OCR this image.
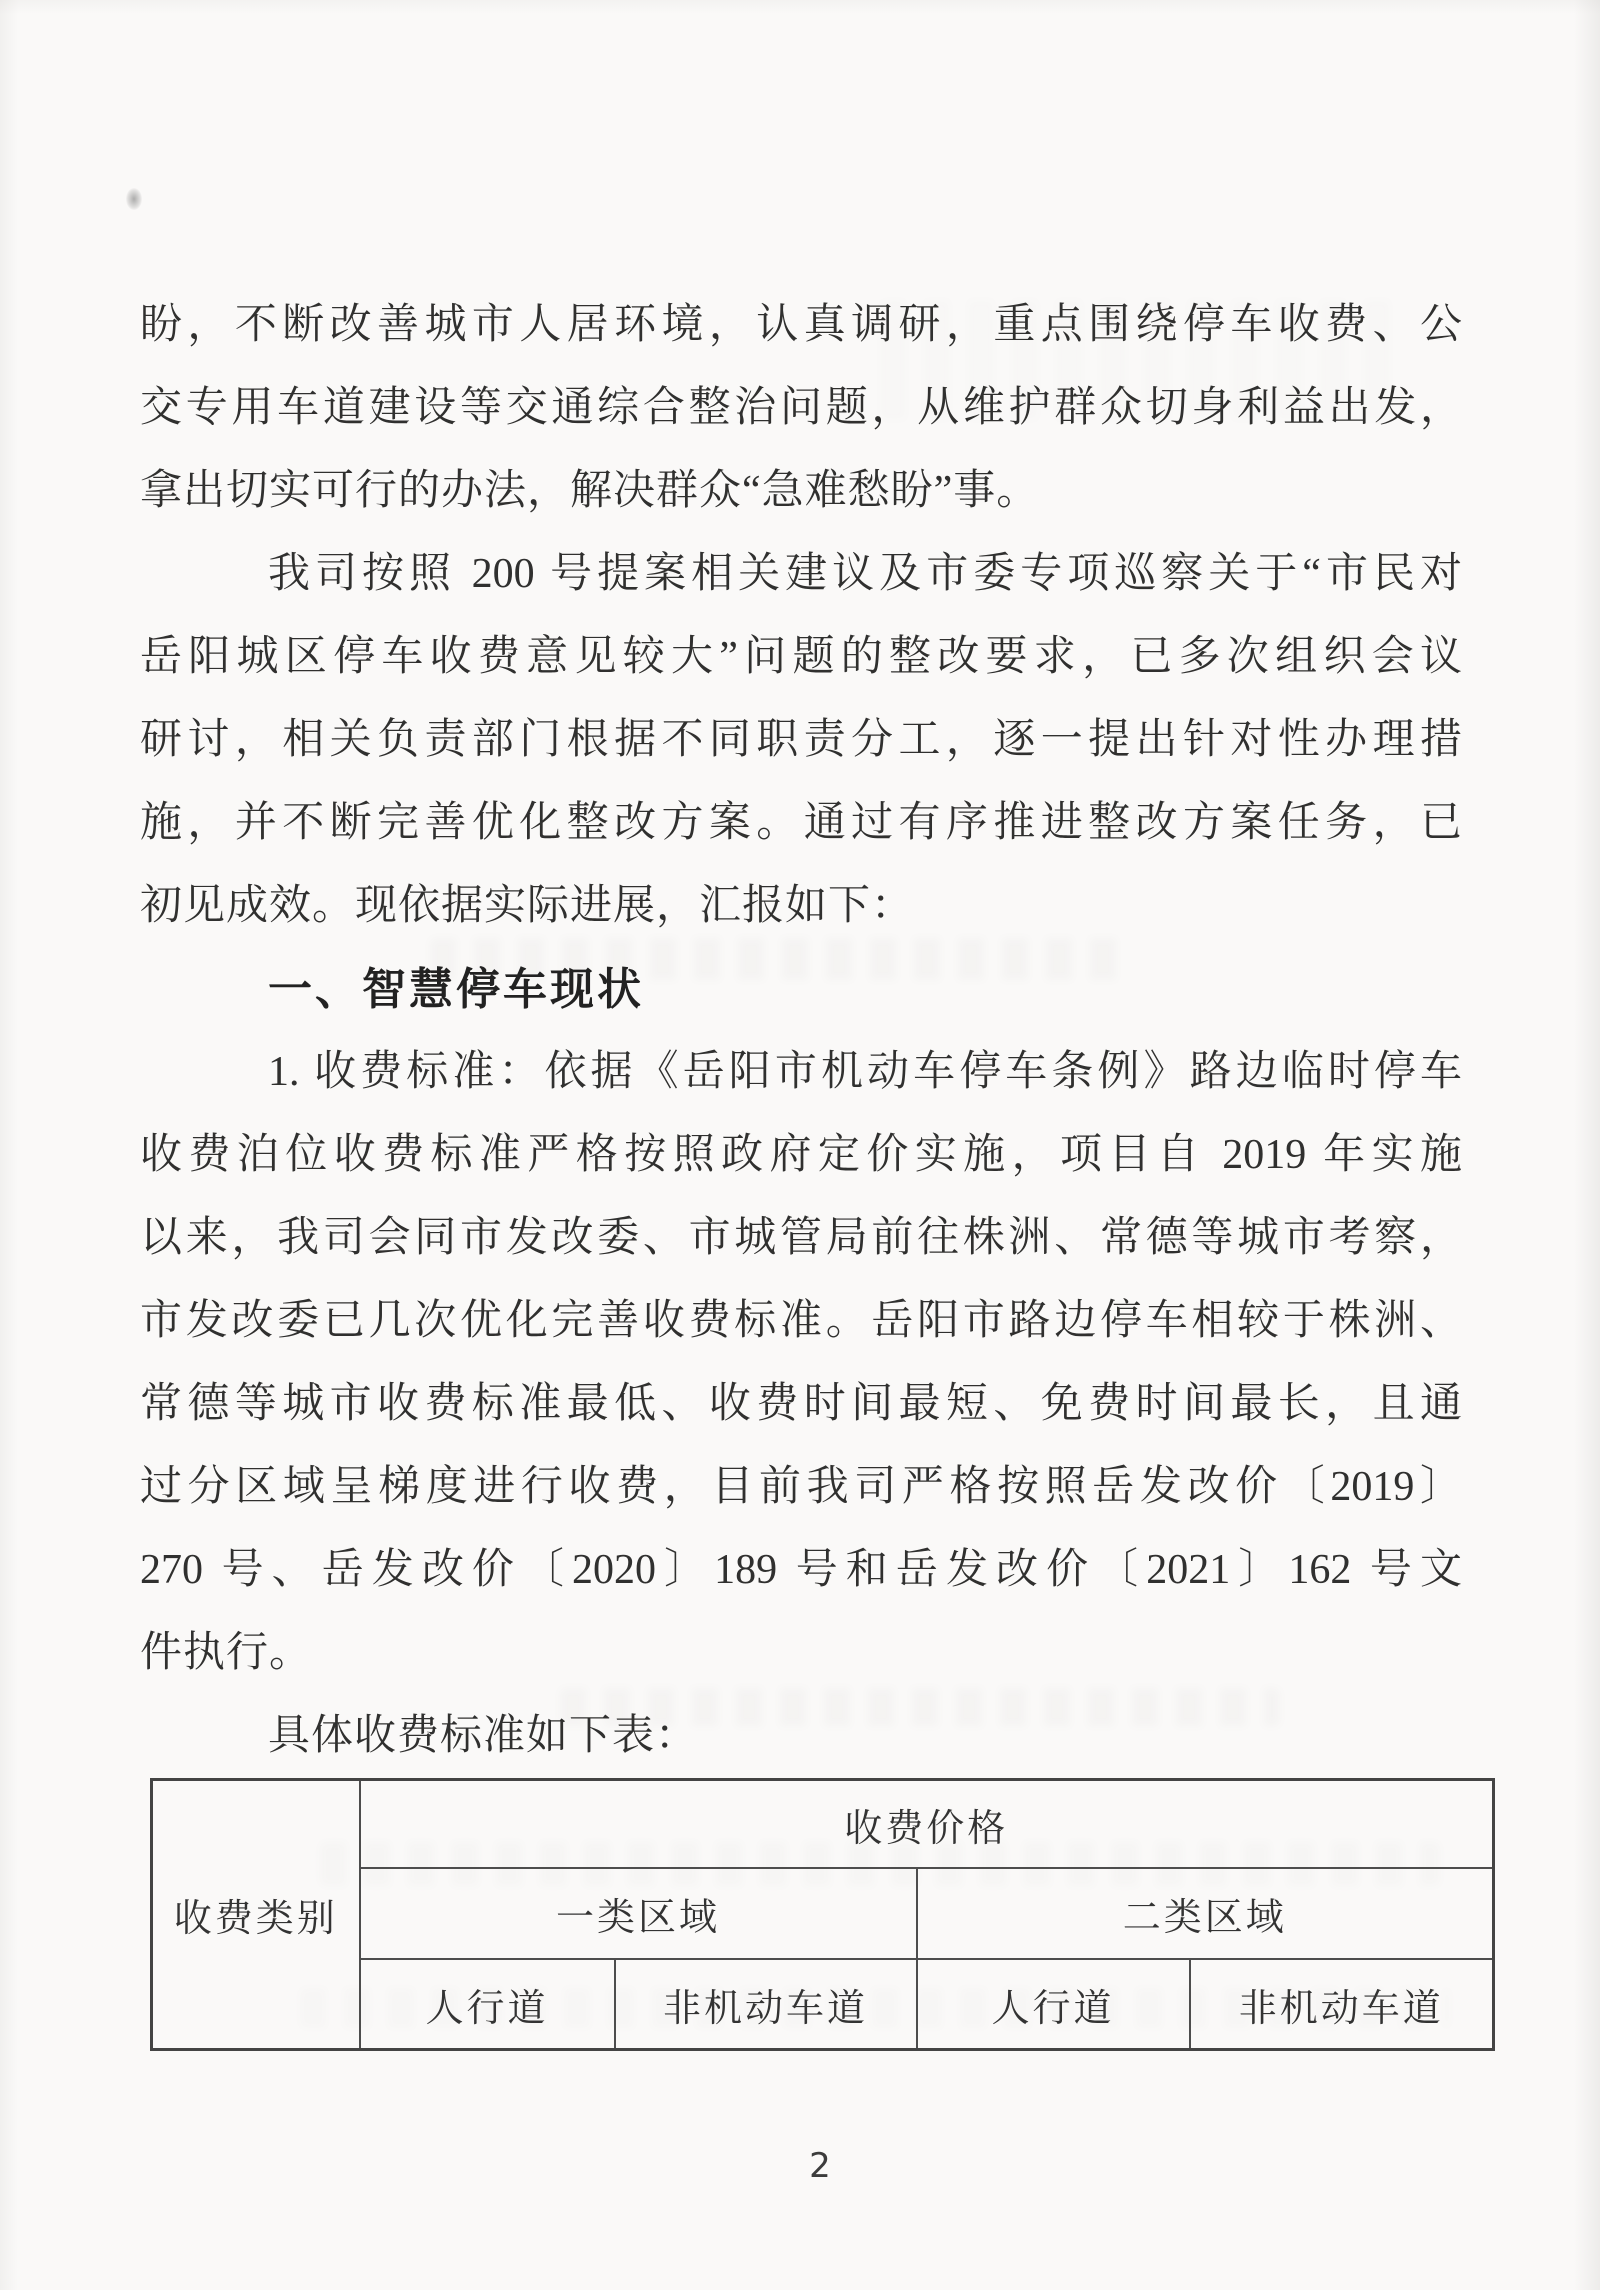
盼，不断改善城市人居环境，认真调研，重点围绕停车收费、公
交专用车道建设等交通综合整治问题，从维护群众切身利益出发，
拿出切实可行的办法，解决群众“急难愁盼”事。
我司按照 200 号提案相关建议及市委专项巡察关于“市民对
岳阳城区停车收费意见较大”问题的整改要求，已多次组织会议
研讨，相关负责部门根据不同职责分工，逐一提出针对性办理措
施，并不断完善优化整改方案。通过有序推进整改方案任务，已
初见成效。现依据实际进展，汇报如下：
一、智慧停车现状
1. 收费标准：依据《岳阳市机动车停车条例》路边临时停车
收费泊位收费标准严格按照政府定价实施，项目自 2019 年实施
以来，我司会同市发改委、市城管局前往株洲、常德等城市考察，
市发改委已几次优化完善收费标准。岳阳市路边停车相较于株洲、
常德等城市收费标准最低、收费时间最短、免费时间最长，且通
过分区域呈梯度进行收费，目前我司严格按照岳发改价〔2019〕
270 号、岳发改价〔2020〕189 号和岳发改价〔2021〕162 号文
件执行。
具体收费标准如下表：
收费类别	收费价格			
	一类区域		二类区域	
	人行道	非机动车道	人行道	非机动车道
2
